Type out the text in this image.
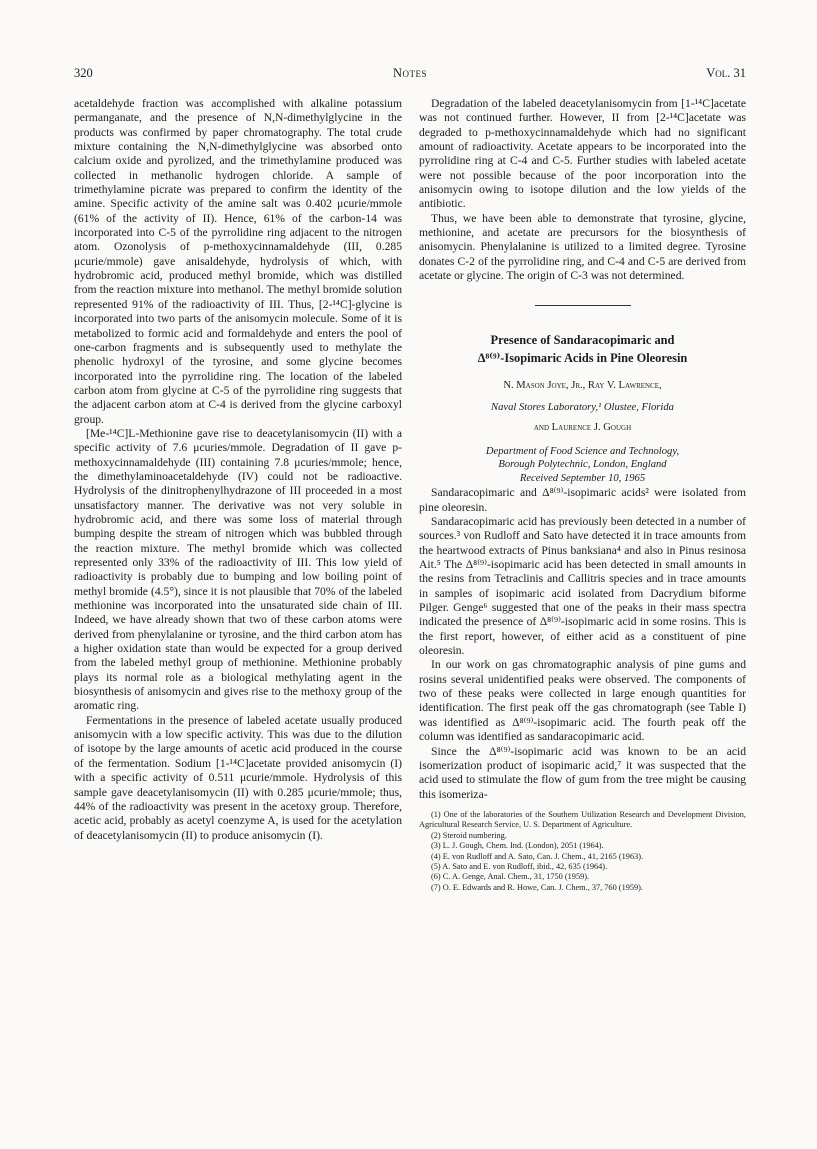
320	Notes	Vol. 31

acetaldehyde fraction was accomplished with alkaline potassium permanganate, and the presence of N,N-dimethylglycine in the products was confirmed by paper chromatography. The total crude mixture containing the N,N-dimethylglycine was absorbed onto calcium oxide and pyrolized, and the trimethylamine produced was collected in methanolic hydrogen chloride. A sample of trimethylamine picrate was prepared to confirm the identity of the amine. Specific activity of the amine salt was 0.402 μcurie/mmole (61% of the activity of II). Hence, 61% of the carbon-14 was incorporated into C-5 of the pyrrolidine ring adjacent to the nitrogen atom. Ozonolysis of p-methoxycinnamaldehyde (III, 0.285 μcurie/mmole) gave anisaldehyde, hydrolysis of which, with hydrobromic acid, produced methyl bromide, which was distilled from the reaction mixture into methanol. The methyl bromide solution represented 91% of the radioactivity of III. Thus, [2-¹⁴C]-glycine is incorporated into two parts of the anisomycin molecule. Some of it is metabolized to formic acid and formaldehyde and enters the pool of one-carbon fragments and is subsequently used to methylate the phenolic hydroxyl of the tyrosine, and some glycine becomes incorporated into the pyrrolidine ring. The location of the labeled carbon atom from glycine at C-5 of the pyrrolidine ring suggests that the adjacent carbon atom at C-4 is derived from the glycine carboxyl group.

[Me-¹⁴C]L-Methionine gave rise to deacetylanisomycin (II) with a specific activity of 7.6 μcuries/mmole. Degradation of II gave p-methoxycinnamaldehyde (III) containing 7.8 μcuries/mmole; hence, the dimethylaminoacetaldehyde (IV) could not be radioactive. Hydrolysis of the dinitrophenylhydrazone of III proceeded in a most unsatisfactory manner. The derivative was not very soluble in hydrobromic acid, and there was some loss of material through bumping despite the stream of nitrogen which was bubbled through the reaction mixture. The methyl bromide which was collected represented only 33% of the radioactivity of III. This low yield of radioactivity is probably due to bumping and low boiling point of methyl bromide (4.5°), since it is not plausible that 70% of the labeled methionine was incorporated into the unsaturated side chain of III. Indeed, we have already shown that two of these carbon atoms were derived from phenylalanine or tyrosine, and the third carbon atom has a higher oxidation state than would be expected for a group derived from the labeled methyl group of methionine. Methionine probably plays its normal role as a biological methylating agent in the biosynthesis of anisomycin and gives rise to the methoxy group of the aromatic ring.

Fermentations in the presence of labeled acetate usually produced anisomycin with a low specific activity. This was due to the dilution of isotope by the large amounts of acetic acid produced in the course of the fermentation. Sodium [1-¹⁴C]acetate provided anisomycin (I) with a specific activity of 0.511 μcurie/mmole. Hydrolysis of this sample gave deacetylanisomycin (II) with 0.285 μcurie/mmole; thus, 44% of the radioactivity was present in the acetoxy group. Therefore, acetic acid, probably as acetyl coenzyme A, is used for the acetylation of deacetylanisomycin (II) to produce anisomycin (I).

Degradation of the labeled deacetylanisomycin from [1-¹⁴C]acetate was not continued further. However, II from [2-¹⁴C]acetate was degraded to p-methoxycinnamaldehyde which had no significant amount of radioactivity. Acetate appears to be incorporated into the pyrrolidine ring at C-4 and C-5. Further studies with labeled acetate were not possible because of the poor incorporation into the anisomycin owing to isotope dilution and the low yields of the antibiotic.

Thus, we have been able to demonstrate that tyrosine, glycine, methionine, and acetate are precursors for the biosynthesis of anisomycin. Phenylalanine is utilized to a limited degree. Tyrosine donates C-2 of the pyrrolidine ring, and C-4 and C-5 are derived from acetate or glycine. The origin of C-3 was not determined.

Presence of Sandaracopimaric and
Δ⁸⁽⁹⁾-Isopimaric Acids in Pine Oleoresin

N. Mason Joye, Jr., Ray V. Lawrence,

Naval Stores Laboratory,¹ Olustee, Florida

and Laurence J. Gough

Department of Food Science and Technology,

Borough Polytechnic, London, England

Received September 10, 1965

Sandaracopimaric and Δ⁸⁽⁹⁾-isopimaric acids² were isolated from pine oleoresin.

Sandaracopimaric acid has previously been detected in a number of sources.³ von Rudloff and Sato have detected it in trace amounts from the heartwood extracts of Pinus banksiana⁴ and also in Pinus resinosa Ait.⁵ The Δ⁸⁽⁹⁾-isopimaric acid has been detected in small amounts in the resins from Tetraclinis and Callitris species and in trace amounts in samples of isopimaric acid isolated from Dacrydium biforme Pilger. Genge⁶ suggested that one of the peaks in their mass spectra indicated the presence of Δ⁸⁽⁹⁾-isopimaric acid in some rosins. This is the first report, however, of either acid as a constituent of pine oleoresin.

In our work on gas chromatographic analysis of pine gums and rosins several unidentified peaks were observed. The components of two of these peaks were collected in large enough quantities for identification. The first peak off the gas chromatograph (see Table I) was identified as Δ⁸⁽⁹⁾-isopimaric acid. The fourth peak off the column was identified as sandaracopimaric acid.

Since the Δ⁸⁽⁹⁾-isopimaric acid was known to be an acid isomerization product of isopimaric acid,⁷ it was suspected that the acid used to stimulate the flow of gum from the tree might be causing this isomeriza-

(1) One of the laboratories of the Southern Utilization Research and Development Division, Agricultural Research Service, U. S. Department of Agriculture.

(2) Steroid numbering.

(3) L. J. Gough, Chem. Ind. (London), 2051 (1964).

(4) E. von Rudloff and A. Sato, Can. J. Chem., 41, 2165 (1963).

(5) A. Sato and E. von Rudloff, ibid., 42, 635 (1964).

(6) C. A. Genge, Anal. Chem., 31, 1750 (1959).

(7) O. E. Edwards and R. Howe, Can. J. Chem., 37, 760 (1959).
